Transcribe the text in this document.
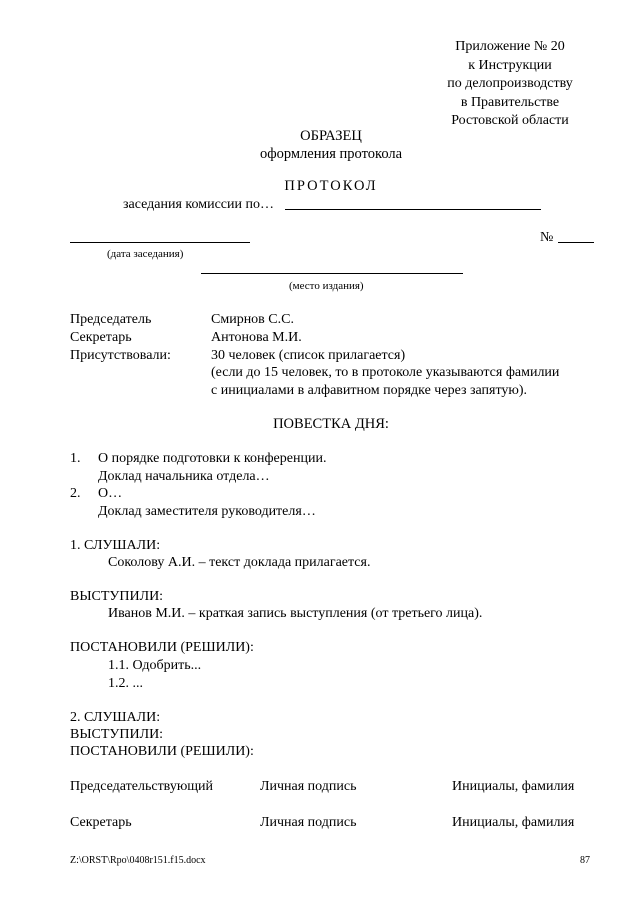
Приложение № 20
к Инструкции
по делопроизводству
в Правительстве
Ростовской области
ОБРАЗЕЦ
оформления протокола
ПРОТОКОЛ
заседания комиссии по…
№
(дата заседания)
(место издания)
Председатель	Смирнов С.С.
Секретарь	Антонова М.И.
Присутствовали:	30 человек (список прилагается)
(если до 15 человек, то в протоколе указываются фамилии
с инициалами в алфавитном порядке через запятую).
ПОВЕСТКА ДНЯ:
1. О порядке подготовки к конференции.
Доклад начальника отдела…
2. О…
Доклад заместителя руководителя…
1. СЛУШАЛИ:
Соколову А.И. – текст доклада прилагается.
ВЫСТУПИЛИ:
Иванов М.И. – краткая запись выступления (от третьего лица).
ПОСТАНОВИЛИ (РЕШИЛИ):
1.1. Одобрить...
1.2. ...
2. СЛУШАЛИ:
ВЫСТУПИЛИ:
ПОСТАНОВИЛИ (РЕШИЛИ):
Председательствующий	Личная подпись	Инициалы, фамилия
Секретарь	Личная подпись	Инициалы, фамилия
Z:\ORST\Rpo\0408r151.f15.docx	87
